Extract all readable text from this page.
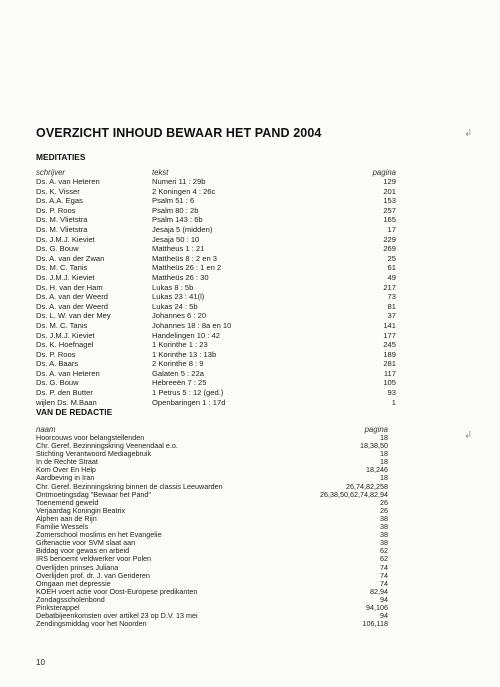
OVERZICHT INHOUD BEWAAR HET PAND 2004
MEDITATIES
schrijver	tekst	pagina
Ds. A. van Heteren	Numeri 11 : 29b	129
Ds. K. Visser	2 Koningen 4 : 26c	201
Ds. A.A. Egas	Psalm 51 : 6	153
Ds. P. Roos	Psalm 80 : 2b	257
Ds. M. Vlietstra	Psalm 143 : 6b	165
Ds. M. Vlietstra	Jesaja 5 (midden)	17
Ds. J.M.J. Kieviet	Jesaja 50 : 10	229
Ds. G. Bouw	Mattheus 1 : 21	269
Ds. A. van der Zwan	Mattheüs 8 : 2 en 3	25
Ds. M. C. Tanis	Mattheüs 26 : 1 en 2	61
Ds. J.M.J. Kieviet	Mattheüs 26 : 30	49
Ds. H. van der Ham	Lukas 8 : 5b	217
Ds. A. van der Weerd	Lukas 23 : 41(l)	73
Ds. A. van der Weerd	Lukas 24 : 5b	81
Ds. L. W. van der Mey	Johannes 6 : 20	37
Ds. M. C. Tanis	Johannes 18 : 8a en 10	141
Ds. J.M.J. Kieviet	Handelingen 10 : 42	177
Ds. K. Hoefnagel	1 Korinthe 1 : 23	245
Ds. P. Roos	1 Korinthe 13 : 13b	189
Ds. A. Baars	2 Korinthe 8 : 9	281
Ds. A. van Heteren	Galaten 5 : 22a	117
Ds. G. Bouw	Hebreeën 7 : 25	105
Ds. P. den Butter	1 Petrus 5 : 12 (ged.)	93
wijlen Ds. M.Baan	Openbaringen 1 : 17d	1
VAN DE REDACTIE
naam	pagina
Hoorcouws voor belangstellenden	18
Chr. Geref. Bezinningskring Veenendaal e.o.	18,38,50
Stichting Verantwoord Mediagebruik	18
In de Rechte Straat	18
Kom Over En Help	18,246
Aardbeving in Iran	18
Chr. Geref. Bezinningskring binnen de classis Leeuwarden	26,74,82,258
Ontmoetingsdag "Bewaar het Pand"	26,38,50,62,74,82,94
Toenemend geweld	26
Verjaardag Koningin Beatrix	26
Alphen aan de Rijn	38
Familie Wessels	38
Zomerschool moslims en het Evangelie	38
Giftenactie voor SVM slaat aan	38
Biddag voor gewas en arbeid	62
IRS benoemt veldwerker voor Polen	62
Overlijden prinses Juliana	74
Overlijden prof. dr. J. van Genderen	74
Omgaan met depressie	74
KOEH voert actie voor Oost-Europese predikanten	82,94
Zondagsscholenbond	94
Pinksterappel	94,106
Debatbijeenkomsten over artikel 23 op D.V. 13 mei	94
Zendingsmiddag voor het Noorden	106,118
10
↲
↲
